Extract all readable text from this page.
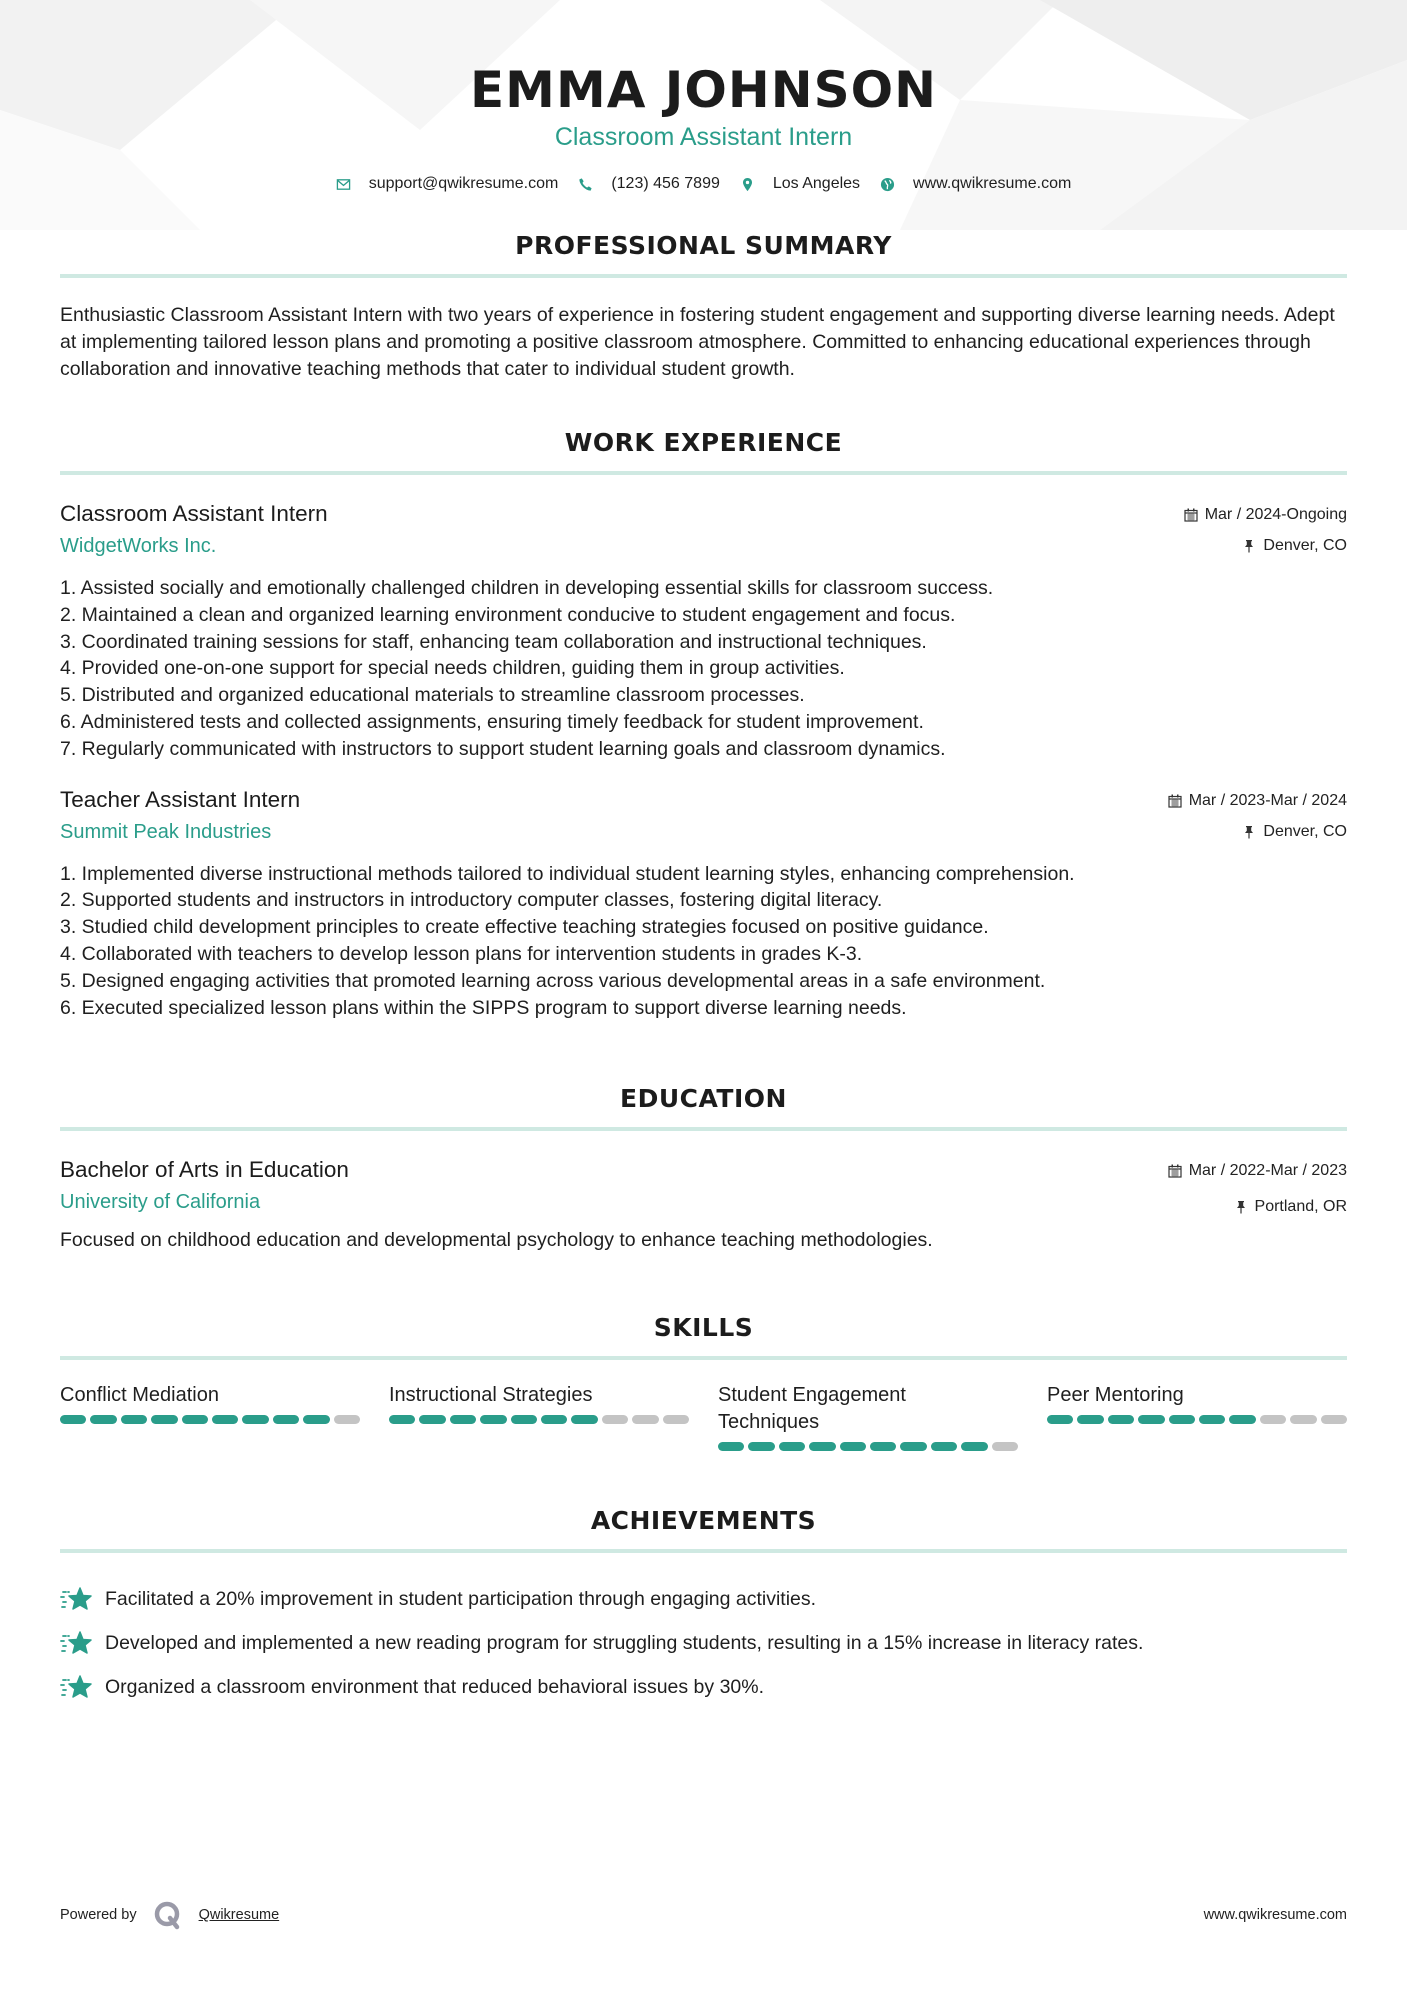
EMMA JOHNSON
Classroom Assistant Intern
support@qwikresume.com	(123) 456 7899	Los Angeles	www.qwikresume.com
PROFESSIONAL SUMMARY

Enthusiastic Classroom Assistant Intern with two years of experience in fostering student engagement and supporting diverse learning needs. Adept at implementing tailored lesson plans and promoting a positive classroom atmosphere. Committed to enhancing educational experiences through collaboration and innovative teaching methods that cater to individual student growth.

WORK EXPERIENCE
Classroom Assistant Intern
WidgetWorks Inc.
Mar / 2024-Ongoing
Denver, CO
1. Assisted socially and emotionally challenged children in developing essential skills for classroom success.
2. Maintained a clean and organized learning environment conducive to student engagement and focus.
3. Coordinated training sessions for staff, enhancing team collaboration and instructional techniques.
4. Provided one-on-one support for special needs children, guiding them in group activities.
5. Distributed and organized educational materials to streamline classroom processes.
6. Administered tests and collected assignments, ensuring timely feedback for student improvement.
7. Regularly communicated with instructors to support student learning goals and classroom dynamics.
Teacher Assistant Intern
Summit Peak Industries
Mar / 2023-Mar / 2024
Denver, CO
1. Implemented diverse instructional methods tailored to individual student learning styles, enhancing comprehension.
2. Supported students and instructors in introductory computer classes, fostering digital literacy.
3. Studied child development principles to create effective teaching strategies focused on positive guidance.
4. Collaborated with teachers to develop lesson plans for intervention students in grades K-3.
5. Designed engaging activities that promoted learning across various developmental areas in a safe environment.
6. Executed specialized lesson plans within the SIPPS program to support diverse learning needs.
EDUCATION
Bachelor of Arts in Education
University of California
Mar / 2022-Mar / 2023
Portland, OR

Focused on childhood education and developmental psychology to enhance teaching methodologies.

SKILLS
Conflict Mediation	Instructional Strategies	Student Engagement Techniques
Peer Mentoring
ACHIEVEMENTS
Facilitated a 20% improvement in student participation through engaging activities.
Developed and implemented a new reading program for struggling students, resulting in a 15% increase in literacy rates.
Organized a classroom environment that reduced behavioral issues by 30%.
Powered by	Qwikresume	www.qwikresume.com
